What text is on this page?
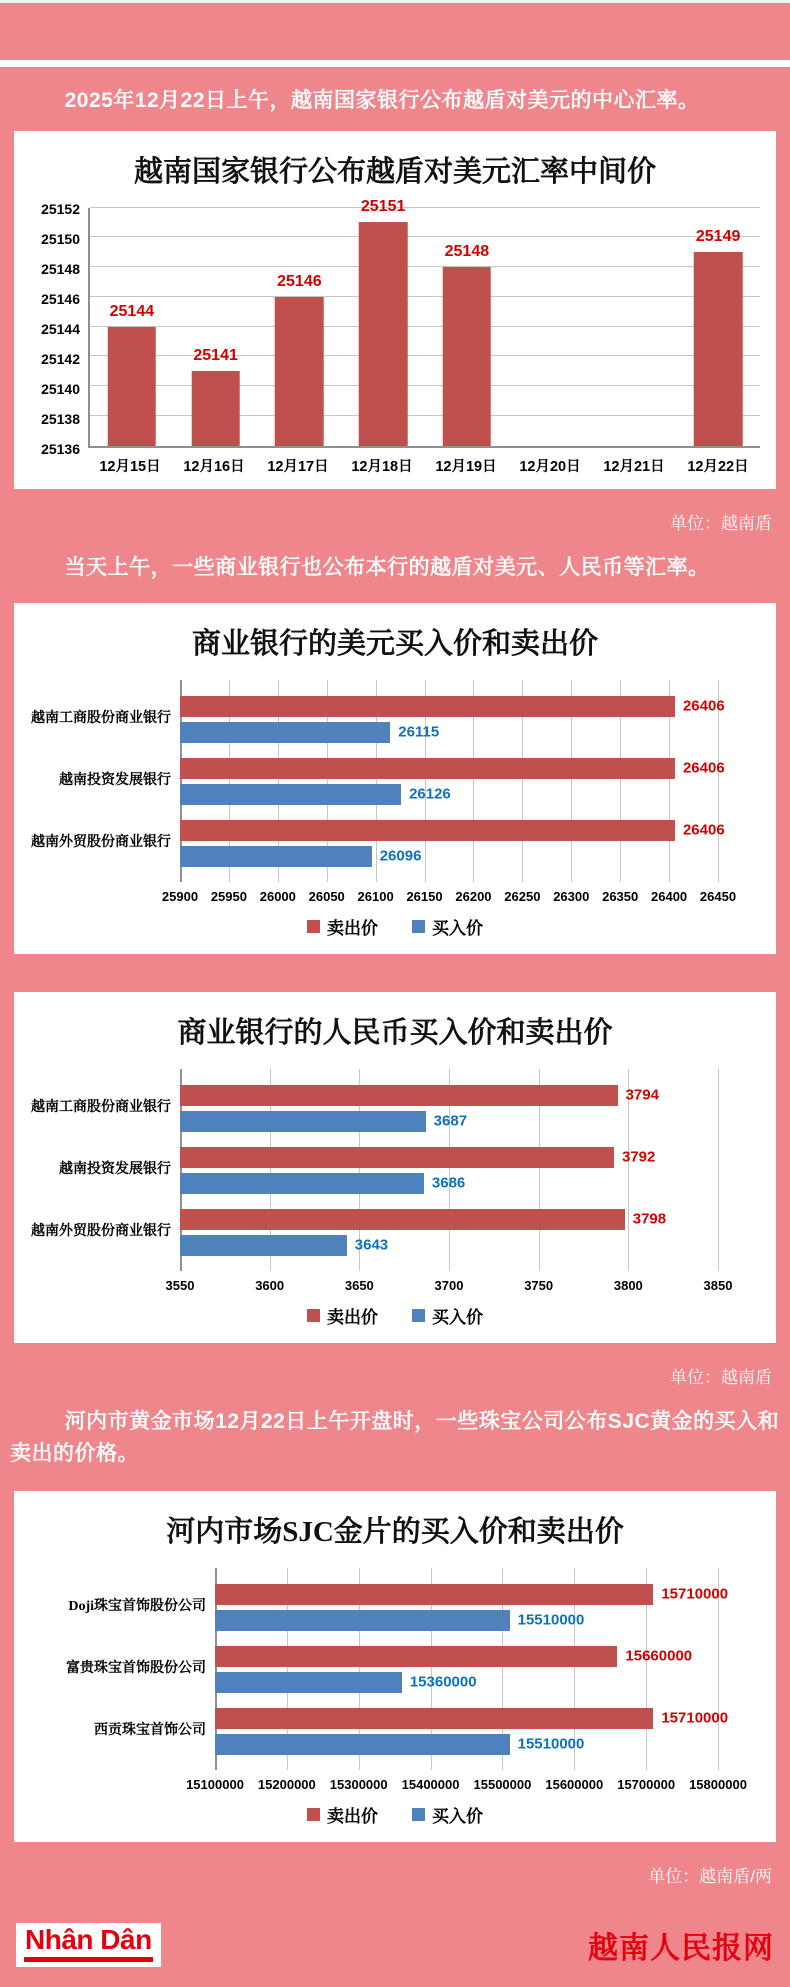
2025年12月22日上午，越南国家银行公布越盾对美元的中心汇率。

越南国家银行公布越盾对美元汇率中间价
25136
25138
25140
25142
25144
25146
25148
25150
25152
25144
25141
25146
25151
25148
25149
12月15日	12月16日	12月17日	12月18日	12月19日	12月20日	12月21日	12月22日
单位：越南盾

当天上午，一些商业银行也公布本行的越盾对美元、人民币等汇率。

商业银行的美元买入价和卖出价
越南工商股份商业银行
越南投资发展银行
越南外贸股份商业银行
26406
26115
26406
26126
26406
26096
25900 25950 26000 26050 26100 26150 26200 26250 26300 26350 26400 26450
卖出价	买入价
商业银行的人民币买入价和卖出价
越南工商股份商业银行
越南投资发展银行
越南外贸股份商业银行
3794
3687
3792
3686
3798
3643
3550	3600	3650	3700	3750	3800	3850
卖出价	买入价
单位：越南盾

河内市黄金市场12月22日上午开盘时，一些珠宝公司公布SJC黄金的买入和卖出的价格。

河内市场SJC金片的买入价和卖出价
Doji珠宝首饰股份公司
富贵珠宝首饰股份公司
西贡珠宝首饰公司
15710000
15510000
15660000
15360000
15710000
15510000
15100000 15200000 15300000 15400000 15500000 15600000 15700000 15800000
卖出价	买入价
单位：越南盾/两
Nhân Dân	越南人民报网
